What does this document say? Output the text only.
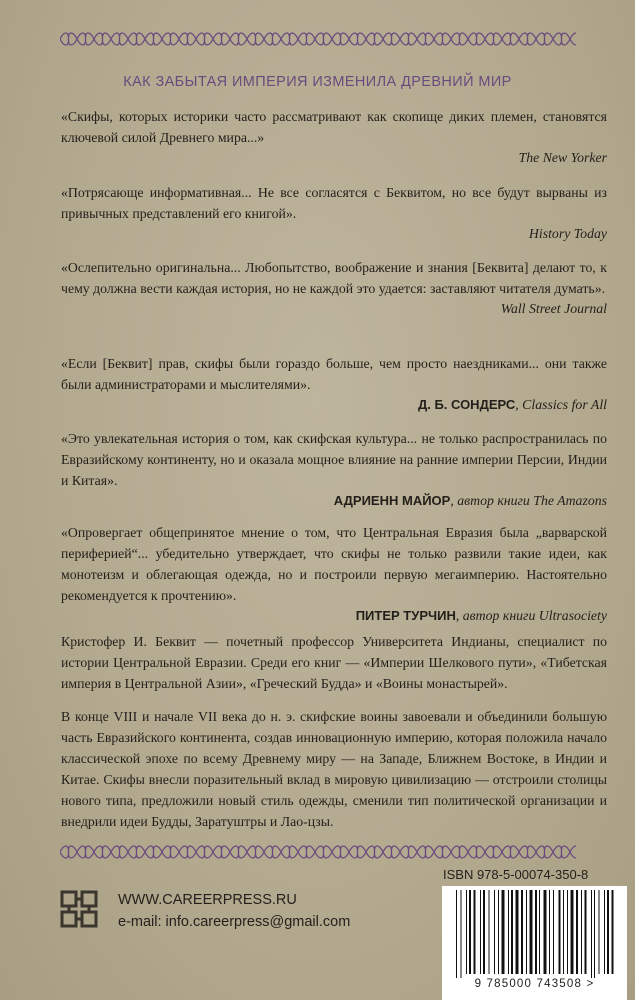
КАК ЗАБЫТАЯ ИМПЕРИЯ ИЗМЕНИЛА ДРЕВНИЙ МИР

«Скифы, которых историки часто рассматривают как скопище диких племен, становятся ключевой силой Древнего мира...»

The New Yorker

«Потрясающе информативная... Не все согласятся с Беквитом, но все будут вырваны из привычных представлений его книгой».

History Today

«Ослепительно оригинальна... Любопытство, воображение и знания [Беквита] делают то, к чему должна вести каждая история, но не каждой это удается: заставляют читателя думать».

Wall Street Journal

«Если [Беквит] прав, скифы были гораздо больше, чем просто наездниками... они также были администраторами и мыслителями».

Д. Б. СОНДЕРС, Classics for All

«Это увлекательная история о том, как скифская культура... не только распространилась по Евразийскому континенту, но и оказала мощное влияние на ранние империи Персии, Индии и Китая».

АДРИЕНН МАЙОР, автор книги The Amazons

«Опровергает общепринятое мнение о том, что Центральная Евразия была „варварской периферией“... убедительно утверждает, что скифы не только развили такие идеи, как монотеизм и облегающая одежда, но и построили первую мегаимперию. Настоятельно рекомендуется к прочтению».

ПИТЕР ТУРЧИН, автор книги Ultrasociety

Кристофер И. Беквит — почетный профессор Университета Индианы, специалист по истории Центральной Евразии. Среди его книг — «Империи Шелкового пути», «Тибетская империя в Центральной Азии», «Греческий Будда» и «Воины монастырей».

В конце VIII и начале VII века до н. э. скифские воины завоевали и объединили большую часть Евразийского континента, создав инновационную империю, которая положила начало классической эпохе по всему Древнему миру — на Западе, Ближнем Востоке, в Индии и Китае. Скифы внесли поразительный вклад в мировую цивилизацию — отстроили столицы нового типа, предложили новый стиль одежды, сменили тип политической организации и внедрили идеи Будды, Заратуштры и Лао-цзы.

ISBN 978-5-00074-350-8
WWW.CAREERPRESS.RU
e-mail: info.careerpress@gmail.com
9 785000 743508 >
